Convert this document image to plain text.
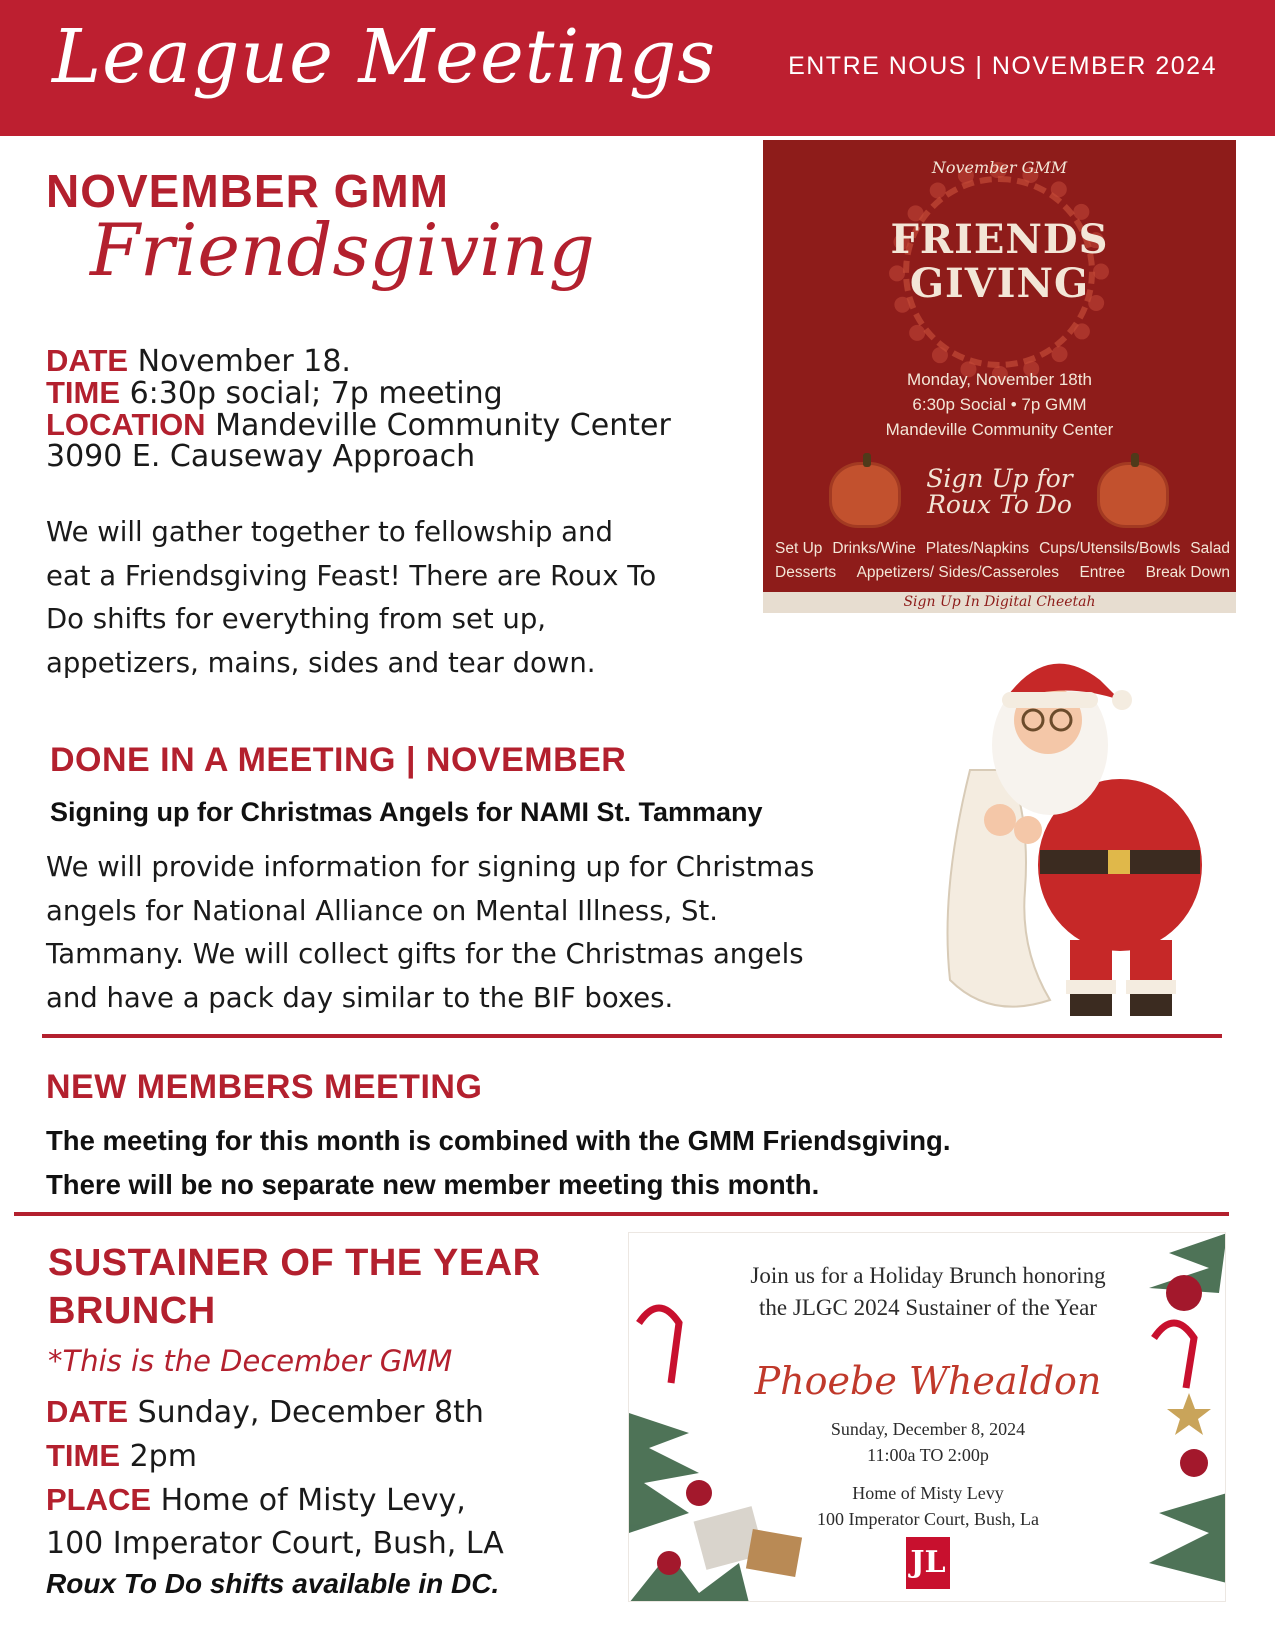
League Meetings	ENTRE NOUS | NOVEMBER 2024
NOVEMBER GMM
Friendsgiving
DATE November 18.
TIME 6:30p social; 7p meeting
LOCATION Mandeville Community Center
3090 E. Causeway Approach
We will gather together to fellowship and
eat a Friendsgiving Feast! There are Roux To
Do shifts for everything from set up,
appetizers, mains, sides and tear down.
November GMM
FRIENDS
GIVING
Monday, November 18th
6:30p Social • 7p GMM
Mandeville Community Center
Sign Up for
Roux To Do
Set Up Drinks/Wine Plates/Napkins Cups/Utensils/Bowls Salad
Desserts Appetizers/ Sides/Casseroles Entree Break Down
Sign Up In Digital Cheetah
DONE IN A MEETING | NOVEMBER
Signing up for Christmas Angels for NAMI St. Tammany
We will provide information for signing up for Christmas
angels for National Alliance on Mental Illness, St.
Tammany. We will collect gifts for the Christmas angels
and have a pack day similar to the BIF boxes.
NEW MEMBERS MEETING
The meeting for this month is combined with the GMM Friendsgiving.
There will be no separate new member meeting this month.
SUSTAINER OF THE YEAR
BRUNCH
*This is the December GMM
DATE Sunday, December 8th
TIME 2pm
PLACE Home of Misty Levy,
100 Imperator Court, Bush, LA
Roux To Do shifts available in DC.
Join us for a Holiday Brunch honoring
the JLGC 2024 Sustainer of the Year
Phoebe Whealdon
Sunday, December 8, 2024
11:00a TO 2:00p
Home of Misty Levy
100 Imperator Court, Bush, La
JL
